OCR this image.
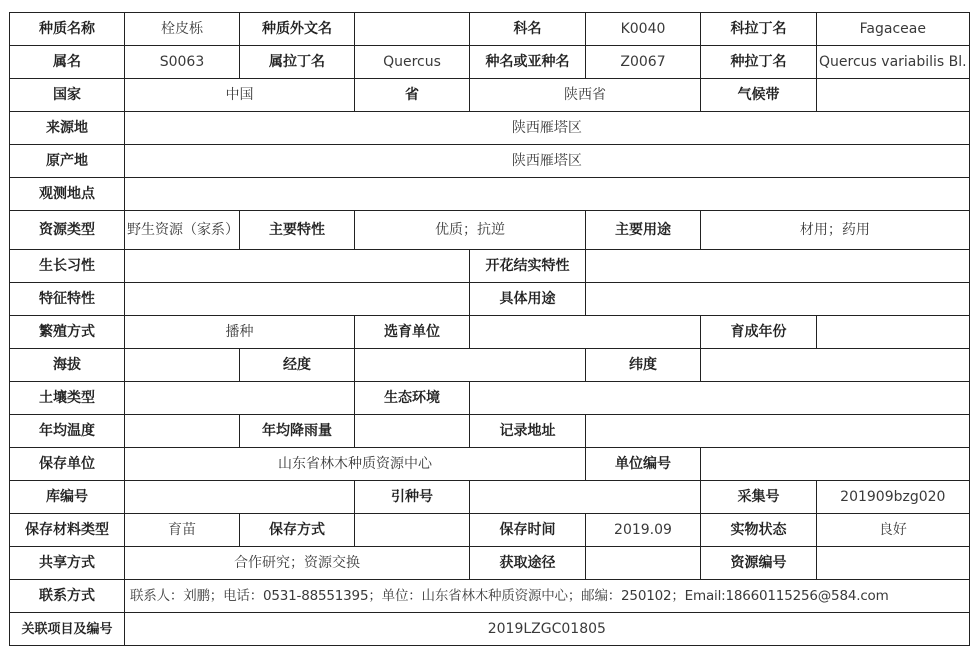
种质名称	栓皮栎	种质外文名		科名	K0040	科拉丁名	Fagaceae
属名	S0063	属拉丁名	Quercus	种名或亚种名	Z0067	种拉丁名	Quercus variabilis Bl.
国家	中国		省	陕西省		气候带	
来源地	陕西雁塔区						
原产地	陕西雁塔区						
观测地点							
资源类型	野生资源（家系）	主要特性	优质；抗逆		主要用途	材用；药用	
生长习性				开花结实特性			
特征特性				具体用途			
繁殖方式	播种		选育单位			育成年份	
海拔		经度			纬度		
土壤类型			生态环境				
年均温度		年均降雨量		记录地址			
保存单位	山东省林木种质资源中心				单位编号		
库编号			引种号			采集号	201909bzg020
保存材料类型	育苗	保存方式		保存时间	2019.09	实物状态	良好
共享方式	合作研究；资源交换			获取途径		资源编号	
联系方式	联系人：刘鹏；电话：0531-88551395；单位：山东省林木种质资源中心；邮编：250102；Email:18660115256@584.com						
关联项目及编号	2019LZGC01805						
